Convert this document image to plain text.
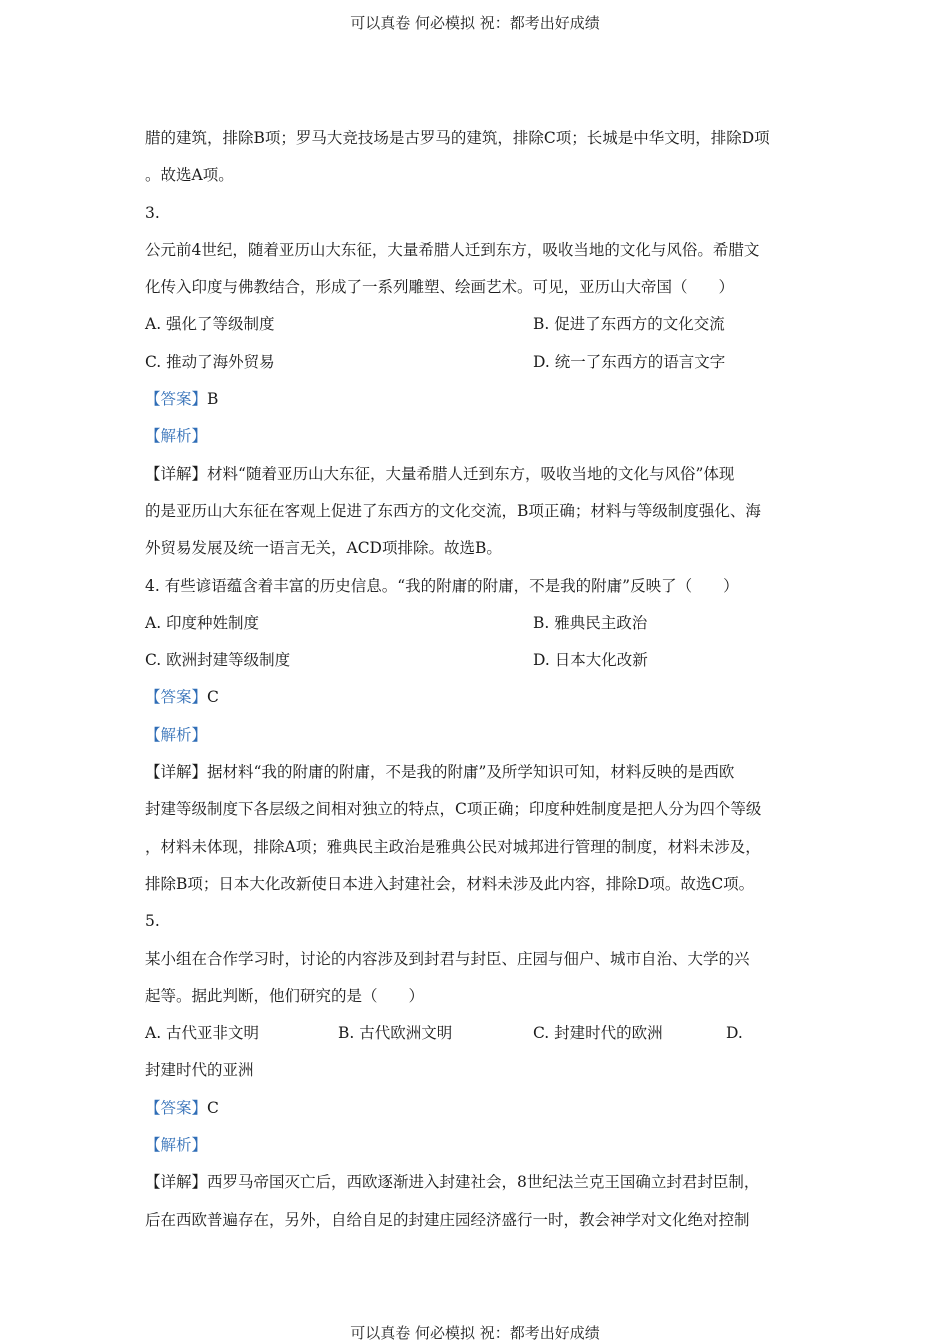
可以真卷 何必模拟 祝：都考出好成绩
腊的建筑，排除B项；罗马大竞技场是古罗马的建筑，排除C项；长城是中华文明，排除D项
。故选A项。
3.
公元前4世纪，随着亚历山大东征，大量希腊人迁到东方，吸收当地的文化与风俗。希腊文
化传入印度与佛教结合，形成了一系列雕塑、绘画艺术。可见，亚历山大帝国（　　）
A. 强化了等级制度	B. 促进了东西方的文化交流
C. 推动了海外贸易	D. 统一了东西方的语言文字
【答案】B
【解析】
【详解】材料“随着亚历山大东征，大量希腊人迁到东方，吸收当地的文化与风俗”体现
的是亚历山大东征在客观上促进了东西方的文化交流，B项正确；材料与等级制度强化、海
外贸易发展及统一语言无关，ACD项排除。故选B。
4. 有些谚语蕴含着丰富的历史信息。“我的附庸的附庸，不是我的附庸”反映了（　　）
A. 印度种姓制度	B. 雅典民主政治
C. 欧洲封建等级制度	D. 日本大化改新
【答案】C
【解析】
【详解】据材料“我的附庸的附庸，不是我的附庸”及所学知识可知，材料反映的是西欧
封建等级制度下各层级之间相对独立的特点，C项正确；印度种姓制度是把人分为四个等级
，材料未体现，排除A项；雅典民主政治是雅典公民对城邦进行管理的制度，材料未涉及，
排除B项；日本大化改新使日本进入封建社会，材料未涉及此内容，排除D项。故选C项。
5.
某小组在合作学习时，讨论的内容涉及到封君与封臣、庄园与佃户、城市自治、大学的兴
起等。据此判断，他们研究的是（　　）
A. 古代亚非文明	B. 古代欧洲文明	C. 封建时代的欧洲	D.
封建时代的亚洲
【答案】C
【解析】
【详解】西罗马帝国灭亡后，西欧逐渐进入封建社会，8世纪法兰克王国确立封君封臣制，
后在西欧普遍存在，另外，自给自足的封建庄园经济盛行一时，教会神学对文化绝对控制
可以真卷 何必模拟 祝：都考出好成绩
